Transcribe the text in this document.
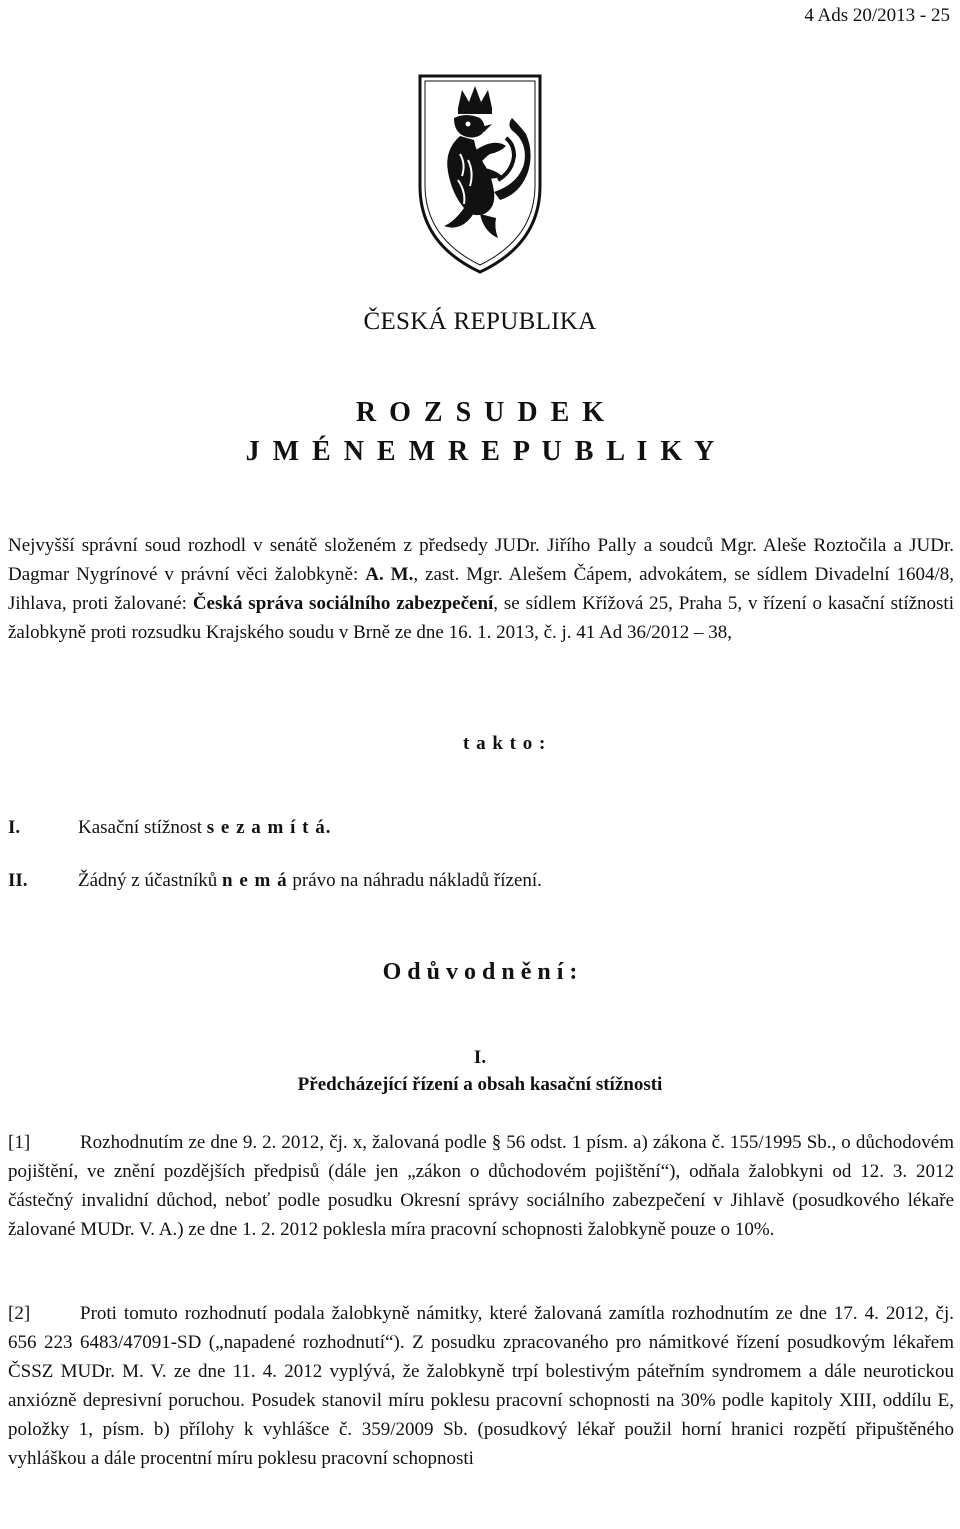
4 Ads 20/2013 - 25
ČESKÁ REPUBLIKA
R O Z S U D E K
J M É N E M R E P U B L I K Y

Nejvyšší správní soud rozhodl v senátě složeném z předsedy JUDr. Jiřího Pally a soudců Mgr. Aleše Roztočila a JUDr. Dagmar Nygrínové v právní věci žalobkyně: A. M., zast. Mgr. Alešem Čápem, advokátem, se sídlem Divadelní 1604/8, Jihlava, proti žalované: Česká správa sociálního zabezpečení, se sídlem Křížová 25, Praha 5, v řízení o kasační stížnosti žalobkyně proti rozsudku Krajského soudu v Brně ze dne 16. 1. 2013, č. j. 41 Ad 36/2012 – 38,

t a k t o :
I.	Kasační stížnost s e z a m í t á.
II.	Žádný z účastníků n e m á právo na náhradu nákladů řízení.
O d ů v o d n ě n í :
I.
Předcházející řízení a obsah kasační stížnosti

[1]	Rozhodnutím ze dne 9. 2. 2012, čj. x, žalovaná podle § 56 odst. 1 písm. a) zákona č. 155/1995 Sb., o důchodovém pojištění, ve znění pozdějších předpisů (dále jen „zákon o důchodovém pojištění“), odňala žalobkyni od 12. 3. 2012 částečný invalidní důchod, neboť podle posudku Okresní správy sociálního zabezpečení v Jihlavě (posudkového lékaře žalované MUDr. V. A.) ze dne 1. 2. 2012 poklesla míra pracovní schopnosti žalobkyně pouze o 10%.

[2]	Proti tomuto rozhodnutí podala žalobkyně námitky, které žalovaná zamítla rozhodnutím ze dne 17. 4. 2012, čj. 656 223 6483/47091-SD („napadené rozhodnutí“). Z posudku zpracovaného pro námitkové řízení posudkovým lékařem ČSSZ MUDr. M. V. ze dne 11. 4. 2012 vyplývá, že žalobkyně trpí bolestivým páteřním syndromem a dále neurotickou anxiózně depresivní poruchou. Posudek stanovil míru poklesu pracovní schopnosti na 30% podle kapitoly XIII, oddílu E, položky 1, písm. b) přílohy k vyhlášce č. 359/2009 Sb. (posudkový lékař použil horní hranici rozpětí připuštěného vyhláškou a dále procentní míru poklesu pracovní schopnosti
